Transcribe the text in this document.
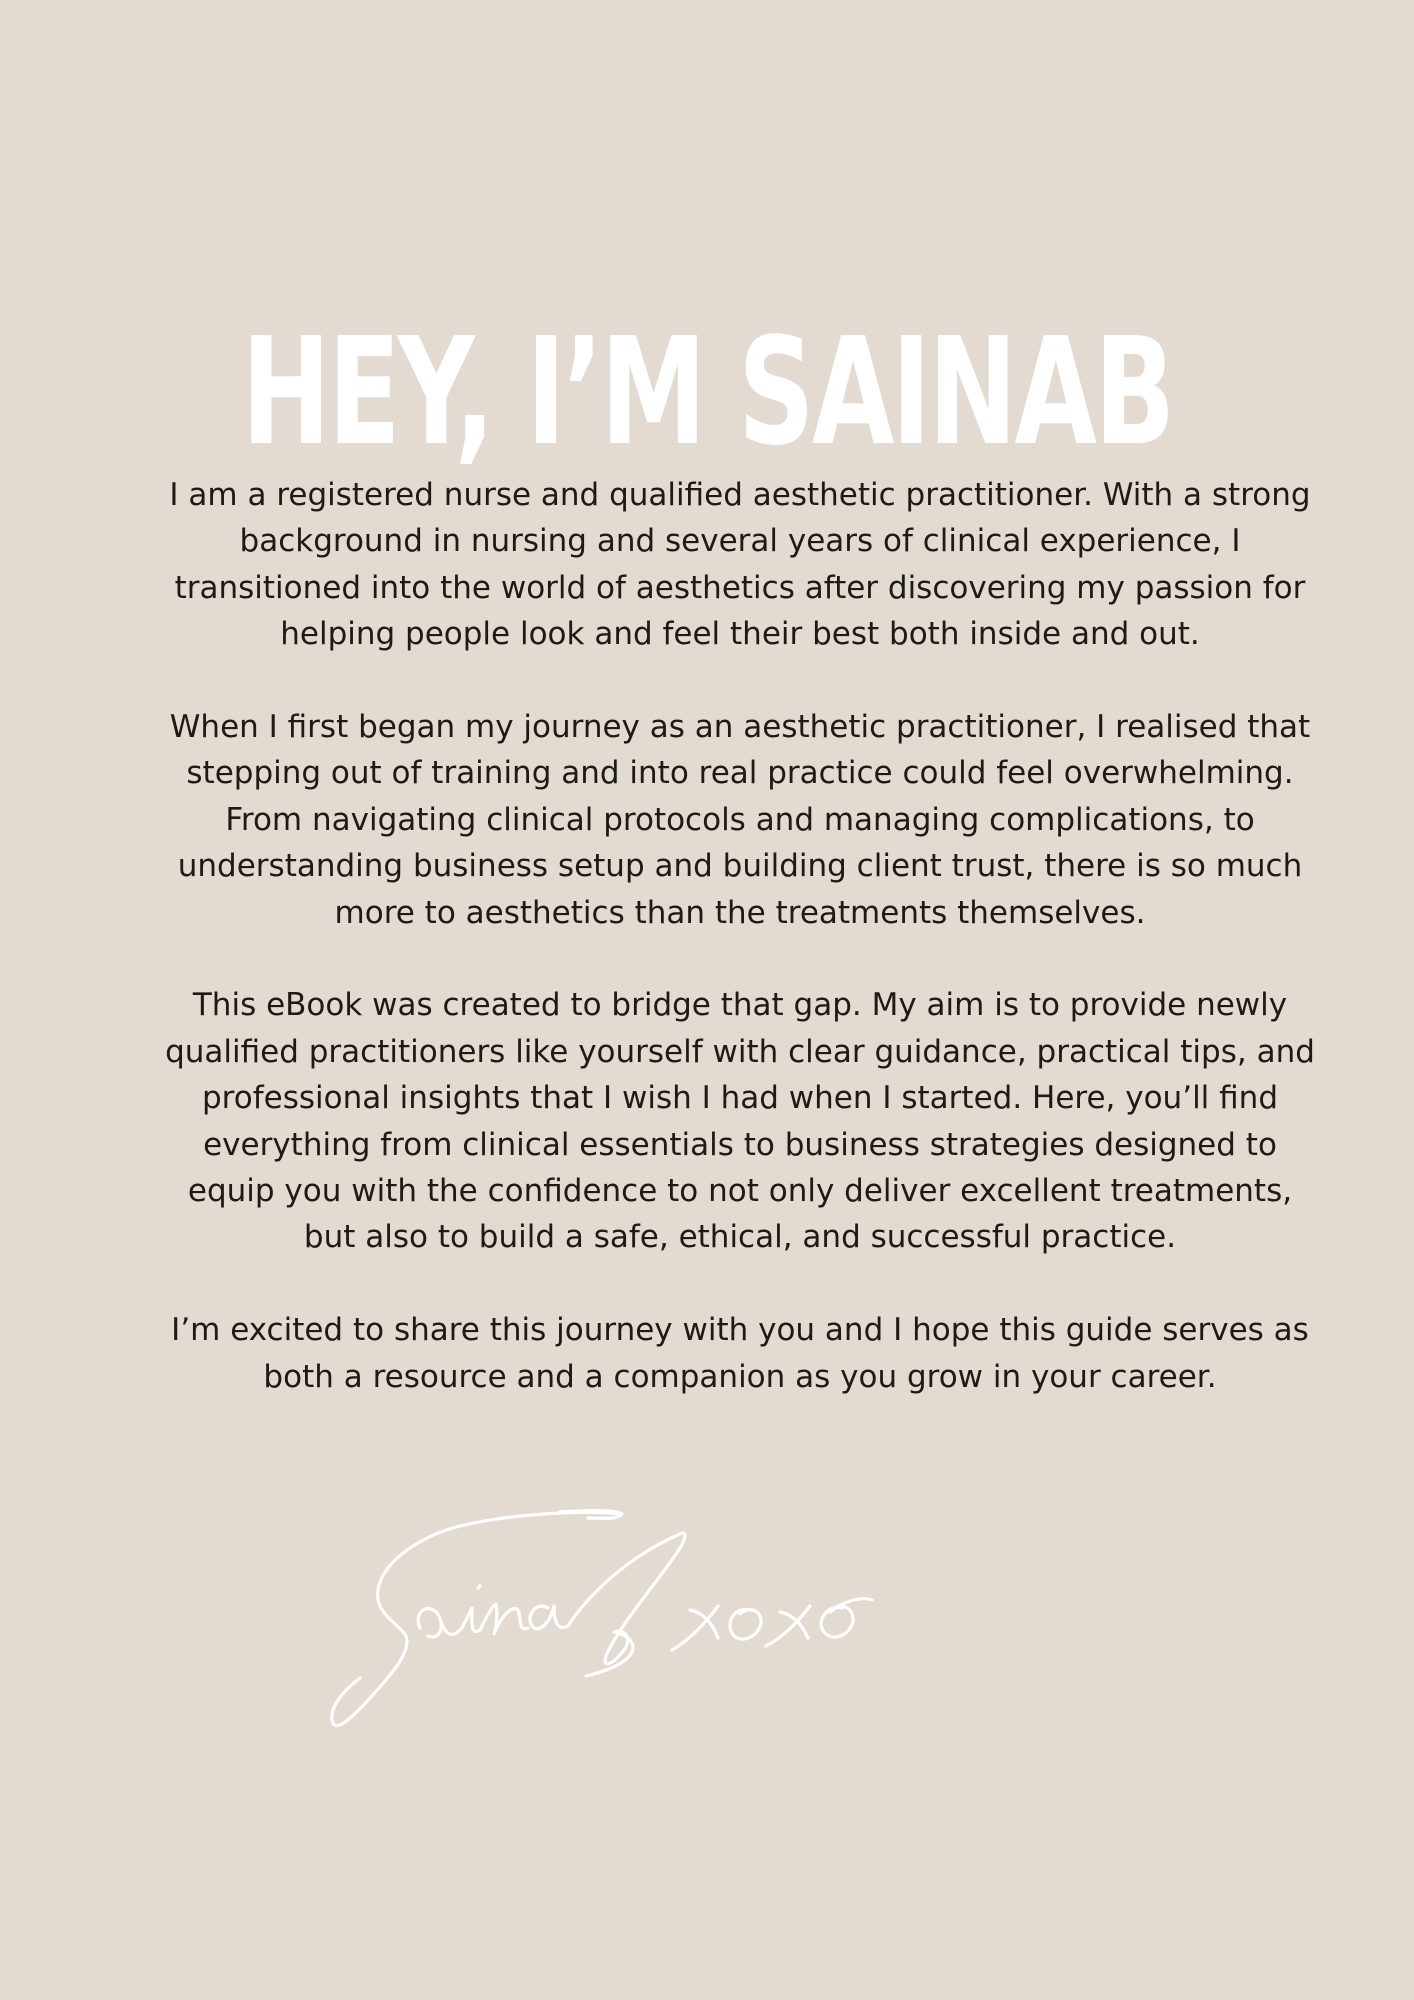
HEY, I’M SAINAB

I am a registered nurse and qualified aesthetic practitioner. With a strong background in nursing and several years of clinical experience, I transitioned into the world of aesthetics after discovering my passion for helping people look and feel their best both inside and out.

When I first began my journey as an aesthetic practitioner, I realised that stepping out of training and into real practice could feel overwhelming. From navigating clinical protocols and managing complications, to understanding business setup and building client trust, there is so much more to aesthetics than the treatments themselves.

This eBook was created to bridge that gap. My aim is to provide newly qualified practitioners like yourself with clear guidance, practical tips, and professional insights that I wish I had when I started. Here, you’ll find everything from clinical essentials to business strategies designed to equip you with the confidence to not only deliver excellent treatments, but also to build a safe, ethical, and successful practice.

I’m excited to share this journey with you and I hope this guide serves as both a resource and a companion as you grow in your career.
